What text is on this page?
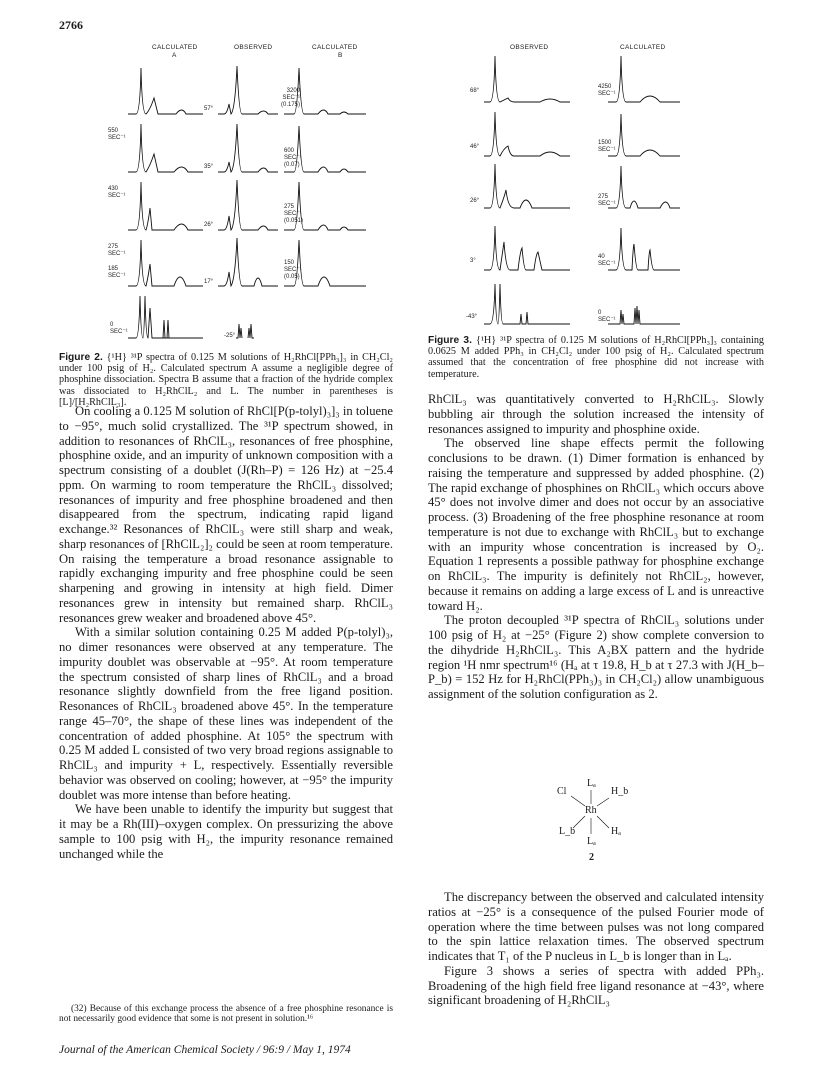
2766
CALCULATED
A
OBSERVED	CALCULATED
B
550
SEC⁻¹
57°
3200
SEC⁻¹
(0.175)
430
SEC⁻¹
35°
600
SEC⁻¹
(0.07)
275
SEC⁻¹
26°
275
SEC⁻¹
(0.051)
185
SEC⁻¹
17°
150
SEC⁻¹
(0.05)
0
SEC⁻¹
-25°
Figure 2. {¹H} ³¹P spectra of 0.125 M solutions of H₂RhCl[PPh₃]₃ in CH₂Cl₂ under 100 psig of H₂. Calculated spectrum A assume a negligible degree of phosphine dissociation. Spectra B assume that a fraction of the hydride complex was dissociated to H₂RhClL₂ and L. The number in parentheses is [L]/[H₂RhClL₃].
OBSERVED	CALCULATED
68°
4250
SEC⁻¹
46°
1500
SEC⁻¹
26°
275
SEC⁻¹
3°
40
SEC⁻¹
-43°
0
SEC⁻¹
Figure 3. {¹H} ³¹P spectra of 0.125 M solutions of H₂RhCl[PPh₃]₃ containing 0.0625 M added PPh₃ in CH₂Cl₂ under 100 psig of H₂. Calculated spectrum assumed that the concentration of free phosphine did not increase with temperature.

On cooling a 0.125 M solution of RhCl[P(p-tolyl)₃]₃ in toluene to −95°, much solid crystallized. The ³¹P spectrum showed, in addition to resonances of RhClL₃, resonances of free phosphine, phosphine oxide, and an impurity of unknown composition with a spectrum consisting of a doublet (J(Rh–P) = 126 Hz) at −25.4 ppm. On warming to room temperature the RhClL₃ dissolved; resonances of impurity and free phosphine broadened and then disappeared from the spectrum, indicating rapid ligand exchange.³² Resonances of RhClL₃ were still sharp and weak, sharp resonances of [RhClL₂]₂ could be seen at room temperature. On raising the temperature a broad resonance assignable to rapidly exchanging impurity and free phosphine could be seen sharpening and growing in intensity at high field. Dimer resonances grew in intensity but remained sharp. RhClL₃ resonances grew weaker and broadened above 45°.

With a similar solution containing 0.25 M added P(p-tolyl)₃, no dimer resonances were observed at any temperature. The impurity doublet was observable at −95°. At room temperature the spectrum consisted of sharp lines of RhClL₃ and a broad resonance slightly downfield from the free ligand position. Resonances of RhClL₃ broadened above 45°. In the temperature range 45–70°, the shape of these lines was independent of the concentration of added phosphine. At 105° the spectrum with 0.25 M added L consisted of two very broad regions assignable to RhClL₃ and impurity + L, respectively. Essentially reversible behavior was observed on cooling; however, at −95° the impurity doublet was more intense than before heating.

We have been unable to identify the impurity but suggest that it may be a Rh(III)–oxygen complex. On pressurizing the above sample to 100 psig with H₂, the impurity resonance remained unchanged while the

(32) Because of this exchange process the absence of a free phosphine resonance is not necessarily good evidence that some is not present in solution.¹⁶
Journal of the American Chemical Society / 96:9 / May 1, 1974

RhClL₃ was quantitatively converted to H₂RhClL₃. Slowly bubbling air through the solution increased the intensity of resonances assigned to impurity and phosphine oxide.

The observed line shape effects permit the following conclusions to be drawn. (1) Dimer formation is enhanced by raising the temperature and suppressed by added phosphine. (2) The rapid exchange of phosphines on RhClL₃ which occurs above 45° does not involve dimer and does not occur by an associative process. (3) Broadening of the free phosphine resonance at room temperature is not due to exchange with RhClL₃ but to exchange with an impurity whose concentration is increased by O₂. Equation 1 represents a possible pathway for phosphine exchange on RhClL₃. The impurity is definitely not RhClL₂, however, because it remains on adding a large excess of L and is unreactive toward H₂.

The proton decoupled ³¹P spectra of RhClL₃ solutions under 100 psig of H₂ at −25° (Figure 2) show complete conversion to the dihydride H₂RhClL₃. This A₂BX pattern and the hydride region ¹H nmr spectrum¹⁶ (Hₐ at τ 19.8, H_b at τ 27.3 with J(H_b–P_b) = 152 Hz for H₂RhCl(PPh₃)₃ in CH₂Cl₂) allow unambiguous assignment of the solution configuration as 2.

Lₐ
Cl	H_b
Rh
L_b	Hₐ
Lₐ
2

The discrepancy between the observed and calculated intensity ratios at −25° is a consequence of the pulsed Fourier mode of operation where the time between pulses was not long compared to the spin lattice relaxation times. The observed spectrum indicates that T₁ of the P nucleus in L_b is longer than in Lₐ.

Figure 3 shows a series of spectra with added PPh₃. Broadening of the high field free ligand resonance at −43°, where significant broadening of H₂RhClL₃
